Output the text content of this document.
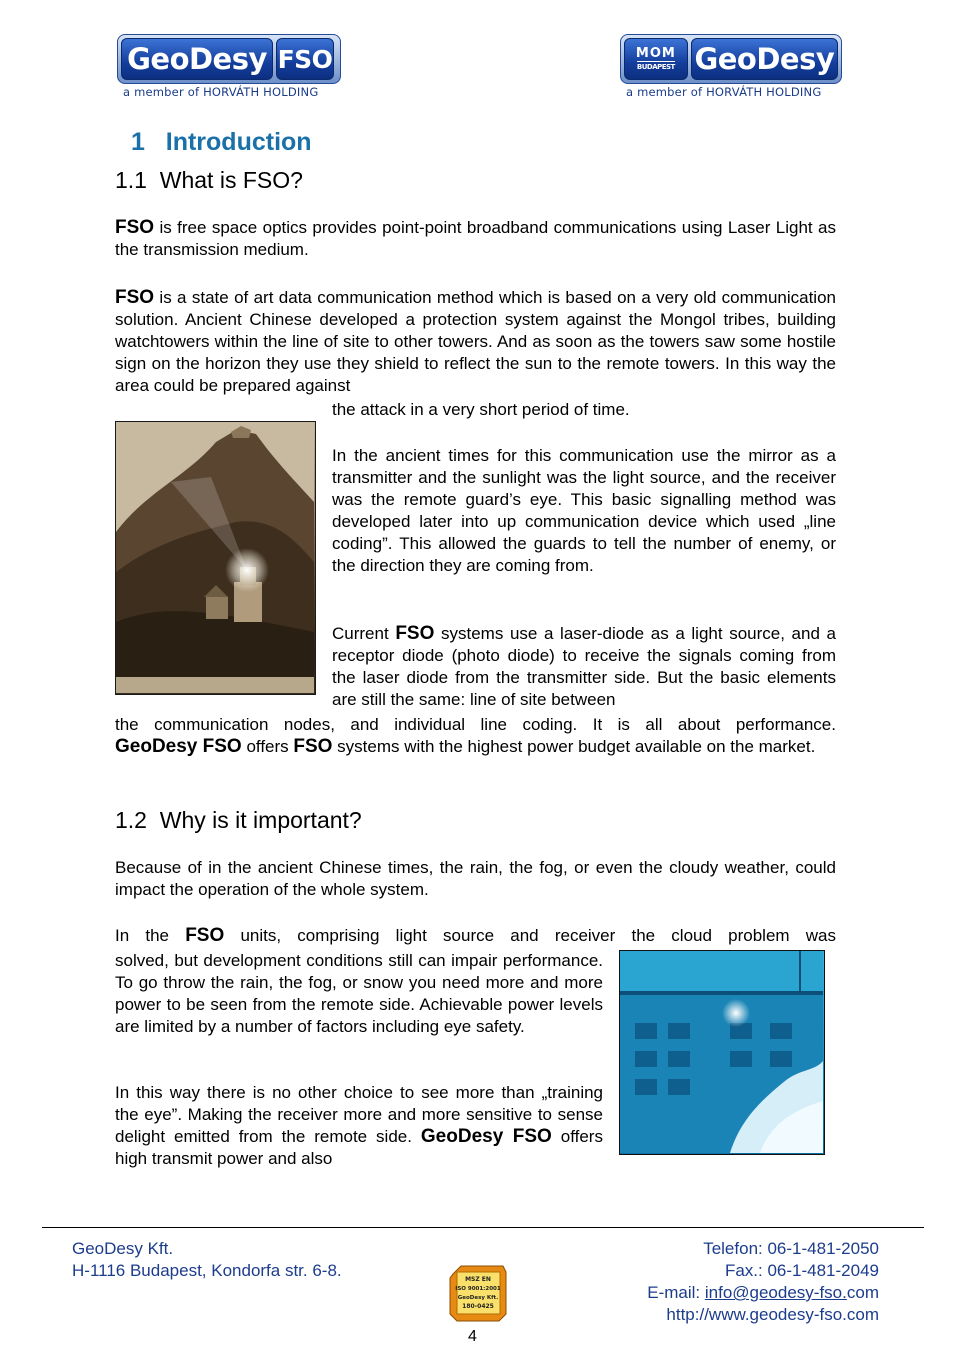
GeoDesy FSO
a member of HORVÁTH HOLDING
MOM
BUDAPEST GeoDesy
a member of HORVÁTH HOLDING
1 Introduction
1.1 What is FSO?
FSO is free space optics provides point-point broadband communications using Laser Light as the transmission medium.
FSO is a state of art data communication method which is based on a very old communication solution. Ancient Chinese developed a protection system against the Mongol tribes, building watchtowers within the line of site to other towers. And as soon as the towers saw some hostile sign on the horizon they use they shield to reflect the sun to the remote towers. In this way the area could be prepared against
the attack in a very short period of time.
In the ancient times for this communication use the mirror as a transmitter and the sunlight was the light source, and the receiver was the remote guard’s eye. This basic signalling method was developed later into up communication device which used „line coding”. This allowed the guards to tell the number of enemy, or the direction they are coming from.
Current FSO systems use a laser-diode as a light source, and a receptor diode (photo diode) to receive the signals coming from the laser diode from the transmitter side. But the basic elements are still the same: line of site between
the communication nodes, and individual line coding. It is all about performance.
GeoDesy FSO offers FSO systems with the highest power budget available on the market.
1.2 Why is it important?
Because of in the ancient Chinese times, the rain, the fog, or even the cloudy weather, could impact the operation of the whole system.
In the FSO units, comprising light source and receiver the cloud problem was
solved, but development conditions still can impair performance. To go throw the rain, the fog, or snow you need more and more power to be seen from the remote side. Achievable power levels are limited by a number of factors including eye safety.
In this way there is no other choice to see more than „training the eye”. Making the receiver more and more sensitive to sense delight emitted from the remote side. GeoDesy FSO offers high transmit power and also
GeoDesy Kft.
H-1116 Budapest, Kondorfa str. 6-8.
Telefon: 06-1-481-2050
Fax.: 06-1-481-2049
E-mail: info@geodesy-fso.com
http://www.geodesy-fso.com
MSZ EN
ISO 9001:2001
GeoDesy Kft.
180-0425
4
